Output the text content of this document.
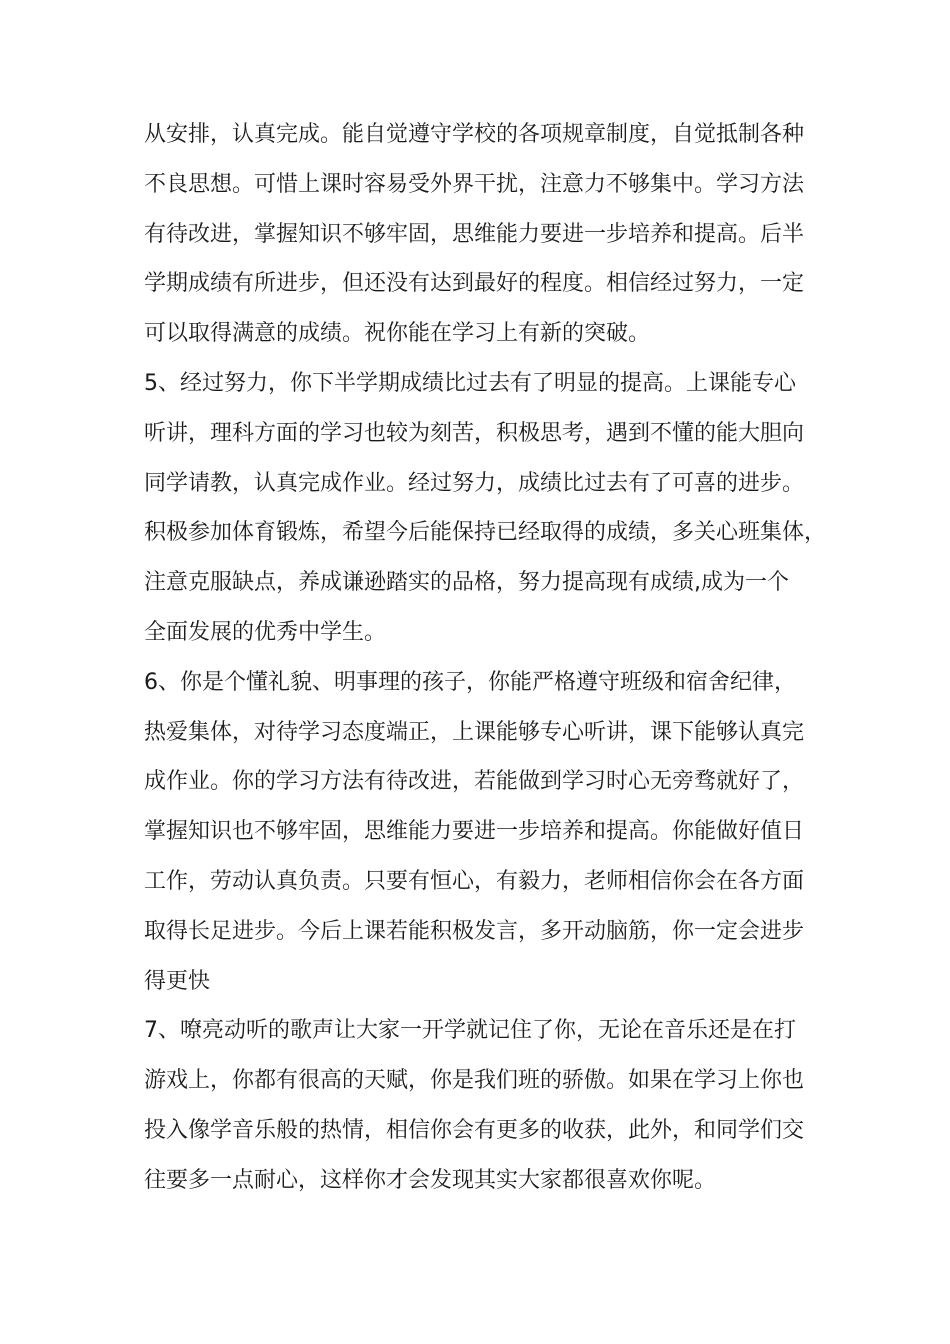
从安排，认真完成。能自觉遵守学校的各项规章制度，自觉抵制各种
不良思想。可惜上课时容易受外界干扰，注意力不够集中。学习方法
有待改进，掌握知识不够牢固，思维能力要进一步培养和提高。后半
学期成绩有所进步，但还没有达到最好的程度。相信经过努力，一定
可以取得满意的成绩。祝你能在学习上有新的突破。
5、经过努力，你下半学期成绩比过去有了明显的提高。上课能专心
听讲，理科方面的学习也较为刻苦，积极思考，遇到不懂的能大胆向
同学请教，认真完成作业。经过努力，成绩比过去有了可喜的进步。
积极参加体育锻炼，希望今后能保持已经取得的成绩，多关心班集体，
注意克服缺点，养成谦逊踏实的品格，努力提高现有成绩,成为一个
全面发展的优秀中学生。
6、你是个懂礼貌、明事理的孩子，你能严格遵守班级和宿舍纪律，
热爱集体，对待学习态度端正，上课能够专心听讲，课下能够认真完
成作业。你的学习方法有待改进，若能做到学习时心无旁骛就好了，
掌握知识也不够牢固，思维能力要进一步培养和提高。你能做好值日
工作，劳动认真负责。只要有恒心，有毅力，老师相信你会在各方面
取得长足进步。今后上课若能积极发言，多开动脑筋，你一定会进步
得更快
7、嘹亮动听的歌声让大家一开学就记住了你，无论在音乐还是在打
游戏上，你都有很高的天赋，你是我们班的骄傲。如果在学习上你也
投入像学音乐般的热情，相信你会有更多的收获，此外，和同学们交
往要多一点耐心，这样你才会发现其实大家都很喜欢你呢。
